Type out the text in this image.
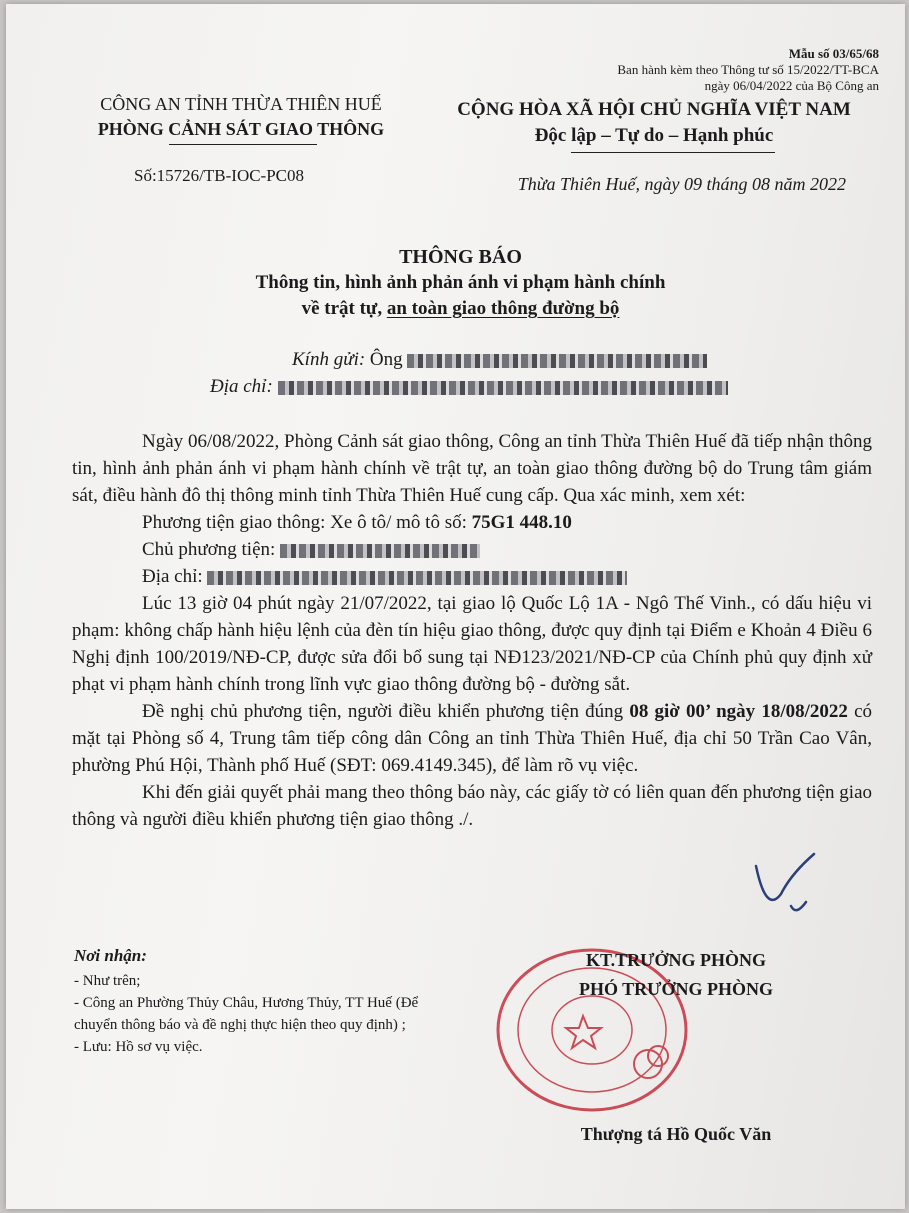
Mẫu số 03/65/68
Ban hành kèm theo Thông tư số 15/2022/TT-BCA
ngày 06/04/2022 của Bộ Công an
CÔNG AN TỈNH THỪA THIÊN HUẾ
PHÒNG CẢNH SÁT GIAO THÔNG
CỘNG HÒA XÃ HỘI CHỦ NGHĨA VIỆT NAM
Độc lập – Tự do – Hạnh phúc
Số:15726/TB-IOC-PC08	Thừa Thiên Huế, ngày 09 tháng 08 năm 2022
THÔNG BÁO
Thông tin, hình ảnh phản ánh vi phạm hành chính
về trật tự, an toàn giao thông đường bộ
Kính gửi: Ông
Địa chỉ:

Ngày 06/08/2022, Phòng Cảnh sát giao thông, Công an tỉnh Thừa Thiên Huế đã tiếp nhận thông tin, hình ảnh phản ánh vi phạm hành chính về trật tự, an toàn giao thông đường bộ do Trung tâm giám sát, điều hành đô thị thông minh tỉnh Thừa Thiên Huế cung cấp. Qua xác minh, xem xét:

Phương tiện giao thông: Xe ô tô/ mô tô số: 75G1 448.10

Chủ phương tiện:

Địa chỉ:

Lúc 13 giờ 04 phút ngày 21/07/2022, tại giao lộ Quốc Lộ 1A - Ngô Thế Vinh., có dấu hiệu vi phạm: không chấp hành hiệu lệnh của đèn tín hiệu giao thông, được quy định tại Điểm e Khoản 4 Điều 6 Nghị định 100/2019/NĐ-CP, được sửa đổi bổ sung tại NĐ123/2021/NĐ-CP của Chính phủ quy định xử phạt vi phạm hành chính trong lĩnh vực giao thông đường bộ - đường sắt.

Đề nghị chủ phương tiện, người điều khiển phương tiện đúng 08 giờ 00’ ngày 18/08/2022 có mặt tại Phòng số 4, Trung tâm tiếp công dân Công an tỉnh Thừa Thiên Huế, địa chỉ 50 Trần Cao Vân, phường Phú Hội, Thành phố Huế (SĐT: 069.4149.345), để làm rõ vụ việc.

Khi đến giải quyết phải mang theo thông báo này, các giấy tờ có liên quan đến phương tiện giao thông và người điều khiển phương tiện giao thông ./.

Nơi nhận:
- Như trên;
- Công an Phường Thủy Châu, Hương Thủy, TT Huế (Để chuyển thông báo và đề nghị thực hiện theo quy định) ;
- Lưu: Hồ sơ vụ việc.
KT.TRƯỞNG PHÒNG
PHÓ TRƯỞNG PHÒNG
Thượng tá Hồ Quốc Văn
